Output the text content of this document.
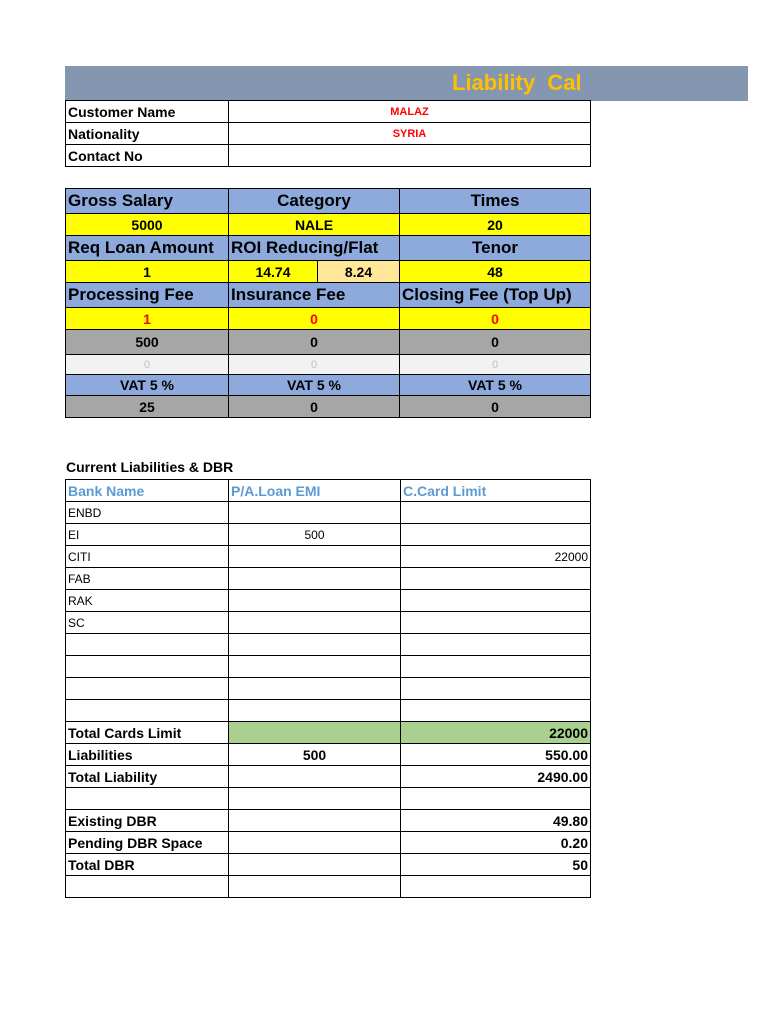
Liability  Cal
Customer Name	MALAZ
Nationality	SYRIA
Contact No	
Gross Salary	Category		Times
5000	NALE		20
Req Loan Amount	ROI Reducing/Flat		Tenor
1	14.74	8.24	48
Processing Fee	Insurance Fee		Closing Fee (Top Up)
1	0		0
500	0		0
0	0		0
VAT 5 %	VAT 5 %		VAT 5 %
25	0		0
Current Liabilities & DBR
Bank Name	P/A.Loan EMI	C.Card Limit
ENBD		
EI	500	
CITI		22000
FAB		
RAK		
SC		

Total Cards Limit		22000
Liabilities	500	550.00
Total Liability		2490.00

Existing DBR		49.80
Pending DBR Space		0.20
Total DBR		50
